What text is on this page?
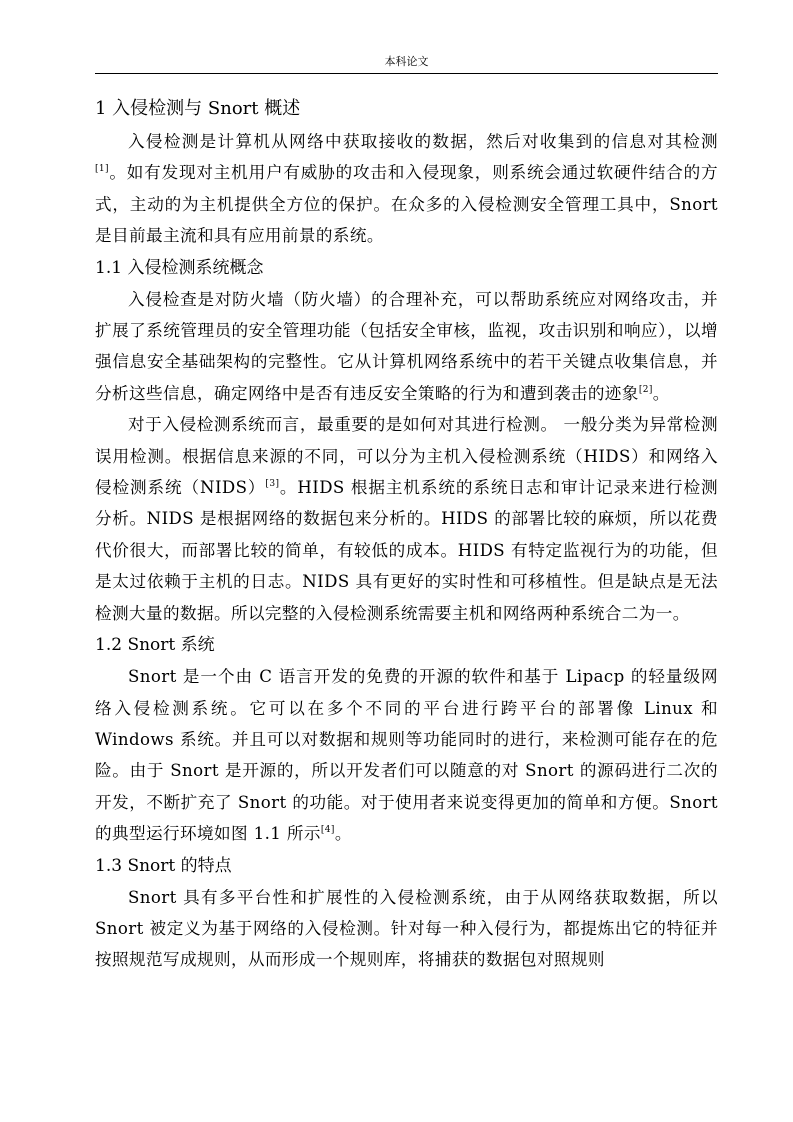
本科论文
1 入侵检测与 Snort 概述

入侵检测是计算机从网络中获取接收的数据，然后对收集到的信息对其检测[1]。如有发现对主机用户有威胁的攻击和入侵现象，则系统会通过软硬件结合的方式，主动的为主机提供全方位的保护。在众多的入侵检测安全管理工具中，Snort 是目前最主流和具有应用前景的系统。

1.1 入侵检测系统概念

入侵检查是对防火墙（防火墙）的合理补充，可以帮助系统应对网络攻击，并扩展了系统管理员的安全管理功能（包括安全审核，监视，攻击识别和响应），以增强信息安全基础架构的完整性。它从计算机网络系统中的若干关键点收集信息，并分析这些信息，确定网络中是否有违反安全策略的行为和遭到袭击的迹象[2]。

对于入侵检测系统而言，最重要的是如何对其进行检测。 一般分类为异常检测误用检测。根据信息来源的不同，可以分为主机入侵检测系统（HIDS）和网络入侵检测系统（NIDS）[3]。HIDS 根据主机系统的系统日志和审计记录来进行检测分析。NIDS 是根据网络的数据包来分析的。HIDS 的部署比较的麻烦，所以花费代价很大，而部署比较的简单，有较低的成本。HIDS 有特定监视行为的功能，但是太过依赖于主机的日志。NIDS 具有更好的实时性和可移植性。但是缺点是无法检测大量的数据。所以完整的入侵检测系统需要主机和网络两种系统合二为一。

1.2 Snort 系统

Snort 是一个由 C 语言开发的免费的开源的软件和基于 Lipacp 的轻量级网络入侵检测系统。它可以在多个不同的平台进行跨平台的部署像 Linux 和 Windows 系统。并且可以对数据和规则等功能同时的进行，来检测可能存在的危险。由于 Snort 是开源的，所以开发者们可以随意的对 Snort 的源码进行二次的开发，不断扩充了 Snort 的功能。对于使用者来说变得更加的简单和方便。Snort 的典型运行环境如图 1.1 所示[4]。

1.3 Snort 的特点

Snort 具有多平台性和扩展性的入侵检测系统，由于从网络获取数据，所以 Snort 被定义为基于网络的入侵检测。针对每一种入侵行为，都提炼出它的特征并按照规范写成规则，从而形成一个规则库，将捕获的数据包对照规则
